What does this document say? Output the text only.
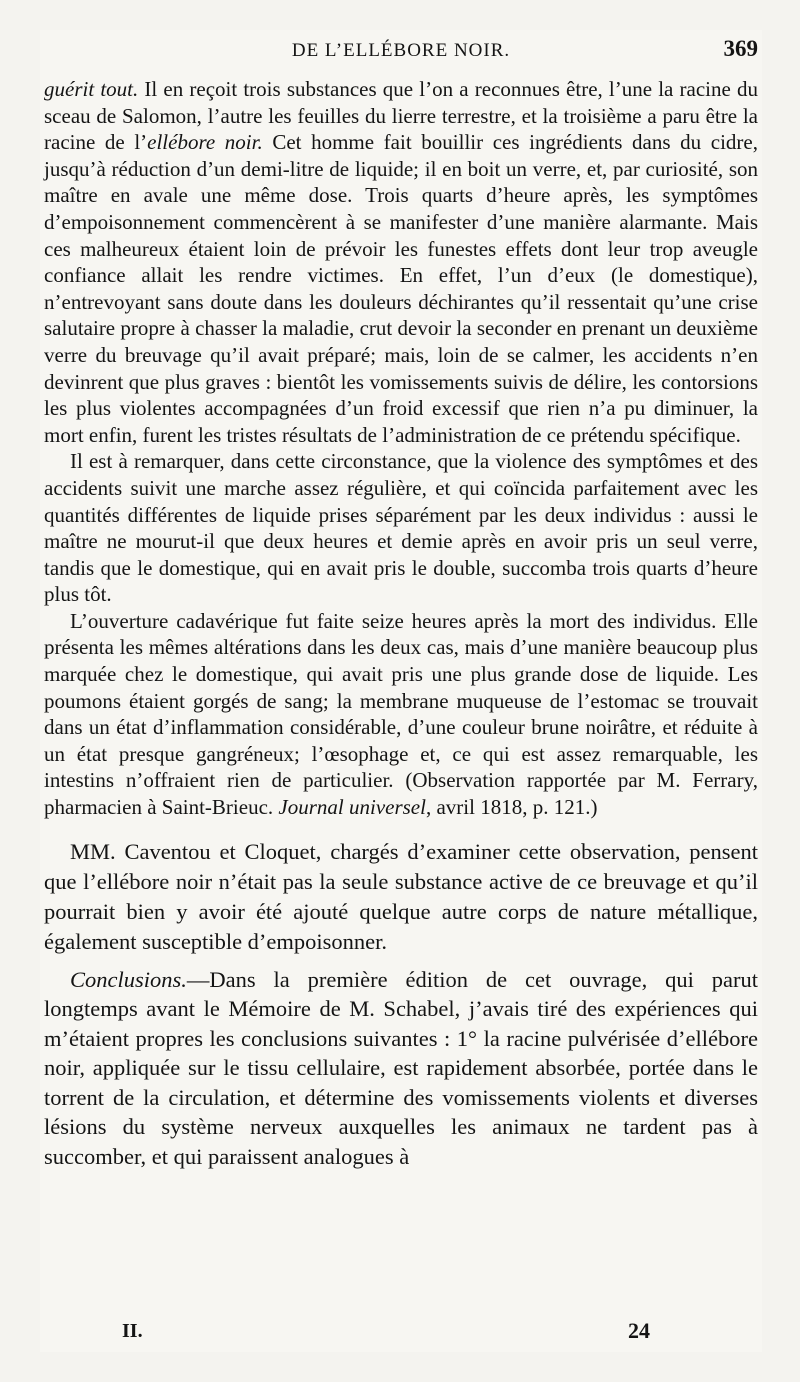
DE L’ELLÉBORE NOIR.	369

guérit tout. Il en reçoit trois substances que l’on a reconnues être, l’une la racine du sceau de Salomon, l’autre les feuilles du lierre terrestre, et la troisième a paru être la racine de l’ellébore noir. Cet homme fait bouillir ces ingrédients dans du cidre, jusqu’à réduction d’un demi-litre de liquide; il en boit un verre, et, par curiosité, son maître en avale une même dose. Trois quarts d’heure après, les symptômes d’empoisonnement commencèrent à se manifester d’une manière alarmante. Mais ces malheureux étaient loin de prévoir les funestes effets dont leur trop aveugle confiance allait les rendre victimes. En effet, l’un d’eux (le domestique), n’entrevoyant sans doute dans les douleurs déchirantes qu’il ressentait qu’une crise salutaire propre à chasser la maladie, crut devoir la seconder en prenant un deuxième verre du breuvage qu’il avait préparé; mais, loin de se calmer, les accidents n’en devinrent que plus graves : bientôt les vomissements suivis de délire, les contorsions les plus violentes accompagnées d’un froid excessif que rien n’a pu diminuer, la mort enfin, furent les tristes résultats de l’administration de ce prétendu spécifique.

Il est à remarquer, dans cette circonstance, que la violence des symptômes et des accidents suivit une marche assez régulière, et qui coïncida parfaitement avec les quantités différentes de liquide prises séparément par les deux individus : aussi le maître ne mourut-il que deux heures et demie après en avoir pris un seul verre, tandis que le domestique, qui en avait pris le double, succomba trois quarts d’heure plus tôt.

L’ouverture cadavérique fut faite seize heures après la mort des individus. Elle présenta les mêmes altérations dans les deux cas, mais d’une manière beaucoup plus marquée chez le domestique, qui avait pris une plus grande dose de liquide. Les poumons étaient gorgés de sang; la membrane muqueuse de l’estomac se trouvait dans un état d’inflammation considérable, d’une couleur brune noirâtre, et réduite à un état presque gangréneux; l’œsophage et, ce qui est assez remarquable, les intestins n’offraient rien de particulier. (Observation rapportée par M. Ferrary, pharmacien à Saint-Brieuc. Journal universel, avril 1818, p. 121.)

MM. Caventou et Cloquet, chargés d’examiner cette observation, pensent que l’ellébore noir n’était pas la seule substance active de ce breuvage et qu’il pourrait bien y avoir été ajouté quelque autre corps de nature métallique, également susceptible d’empoisonner.

Conclusions.—Dans la première édition de cet ouvrage, qui parut longtemps avant le Mémoire de M. Schabel, j’avais tiré des expériences qui m’étaient propres les conclusions suivantes : 1° la racine pulvérisée d’ellébore noir, appliquée sur le tissu cellulaire, est rapidement absorbée, portée dans le torrent de la circulation, et détermine des vomissements violents et diverses lésions du système nerveux auxquelles les animaux ne tardent pas à succomber, et qui paraissent analogues à

II.	24
